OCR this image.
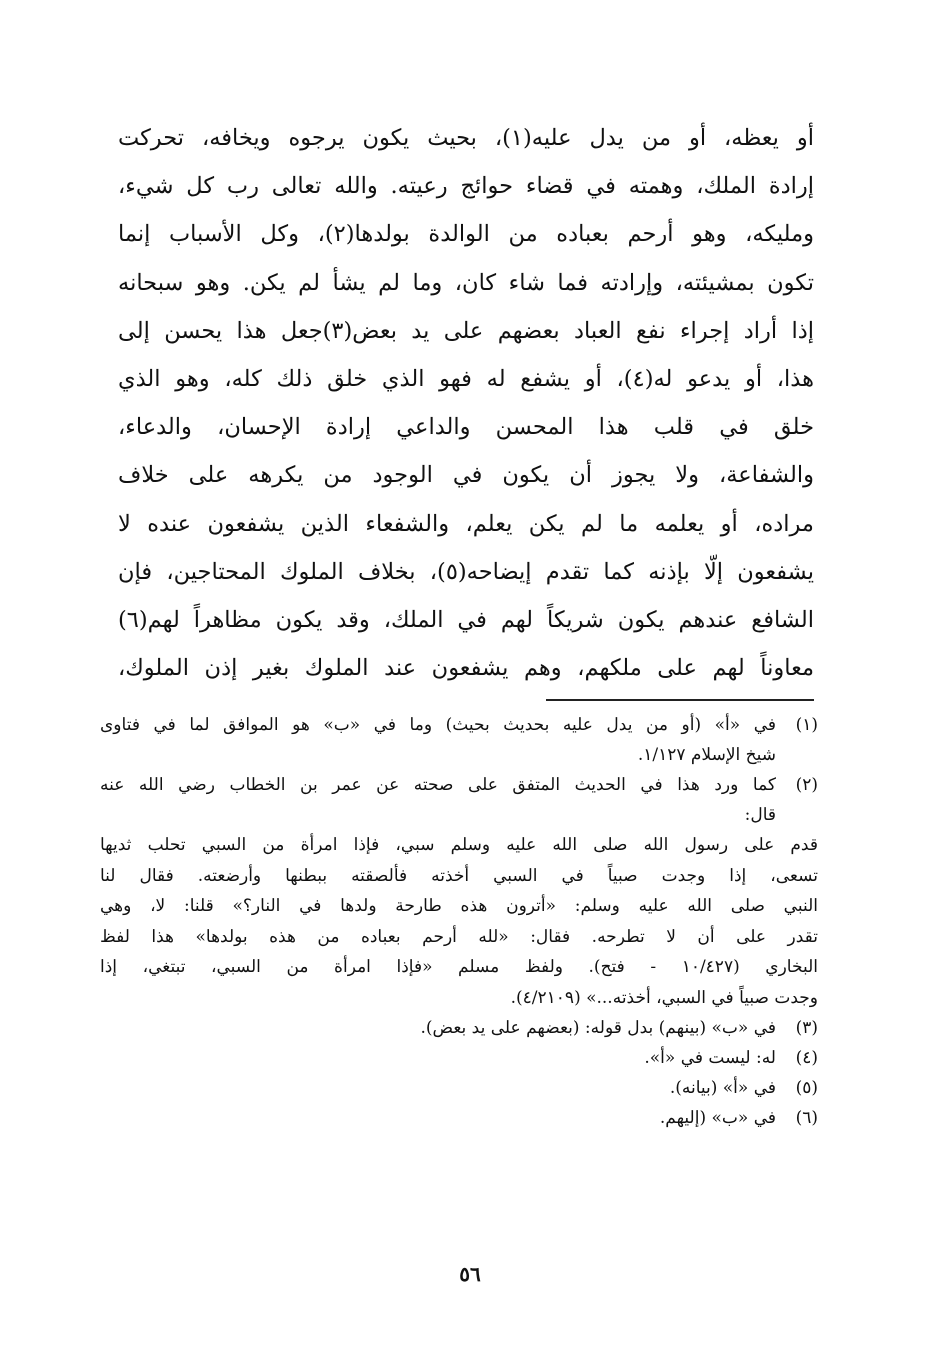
أو يعظه، أو من يدل عليه(١)، بحيث يكون يرجوه ويخافه، تحركت
إرادة الملك، وهمته في قضاء حوائج رعيته. والله تعالى رب كل شيء،
ومليكه، وهو أرحم بعباده من الوالدة بولدها(٢)، وكل الأسباب إنما
تكون بمشيئته، وإرادته فما شاء كان، وما لم يشأ لم يكن. وهو سبحانه
إذا أراد إجراء نفع العباد بعضهم على يد بعض(٣)جعل هذا يحسن إلى
هذا، أو يدعو له(٤)، أو يشفع له فهو الذي خلق ذلك كله، وهو الذي
خلق في قلب هذا المحسن والداعي إرادة الإحسان، والدعاء،
والشفاعة، ولا يجوز أن يكون في الوجود من يكرهه على خلاف
مراده، أو يعلمه ما لم يكن يعلم، والشفعاء الذين يشفعون عنده لا
يشفعون إلّا بإذنه كما تقدم إيضاحه(٥)، بخلاف الملوك المحتاجين، فإن
الشافع عندهم يكون شريكاً لهم في الملك، وقد يكون مظاهراً لهم(٦)
معاوناً لهم على ملكهم، وهم يشفعون عند الملوك بغير إذن الملوك،
(١)
في «أ» (أو من يدل عليه بحديث بحيث) وما في «ب» هو الموافق لما في فتاوى
شيخ الإسلام ١/١٢٧.
(٢)
كما ورد هذا في الحديث المتفق على صحته عن عمر بن الخطاب رضي الله عنه
قال:
قدم على رسول الله صلى الله عليه وسلم سبي، فإذا امرأة من السبي تحلب ثديها
تسعى، إذا وجدت صبياً في السبي أخذته فألصقته ببطنها وأرضعته. فقال لنا
النبي صلى الله عليه وسلم: «أترون هذه طارحة ولدها في النار؟» قلنا: لا، وهي
تقدر على أن لا تطرحه. فقال: «لله أرحم بعباده من هذه بولدها» هذا لفظ
البخاري (١٠/٤٢٧ - فتح). ولفظ مسلم «فإذا امرأة من السبي، تبتغي، إذا
وجدت صبياً في السبي، أخذته...» (٤/٢١٠٩).
(٣)
في «ب» (بينهم) بدل قوله: (بعضهم على يد بعض).
(٤)
له: ليست في «أ».
(٥)
في «أ» (بيانه).
(٦)
في «ب» (إليهم.
٥٦
